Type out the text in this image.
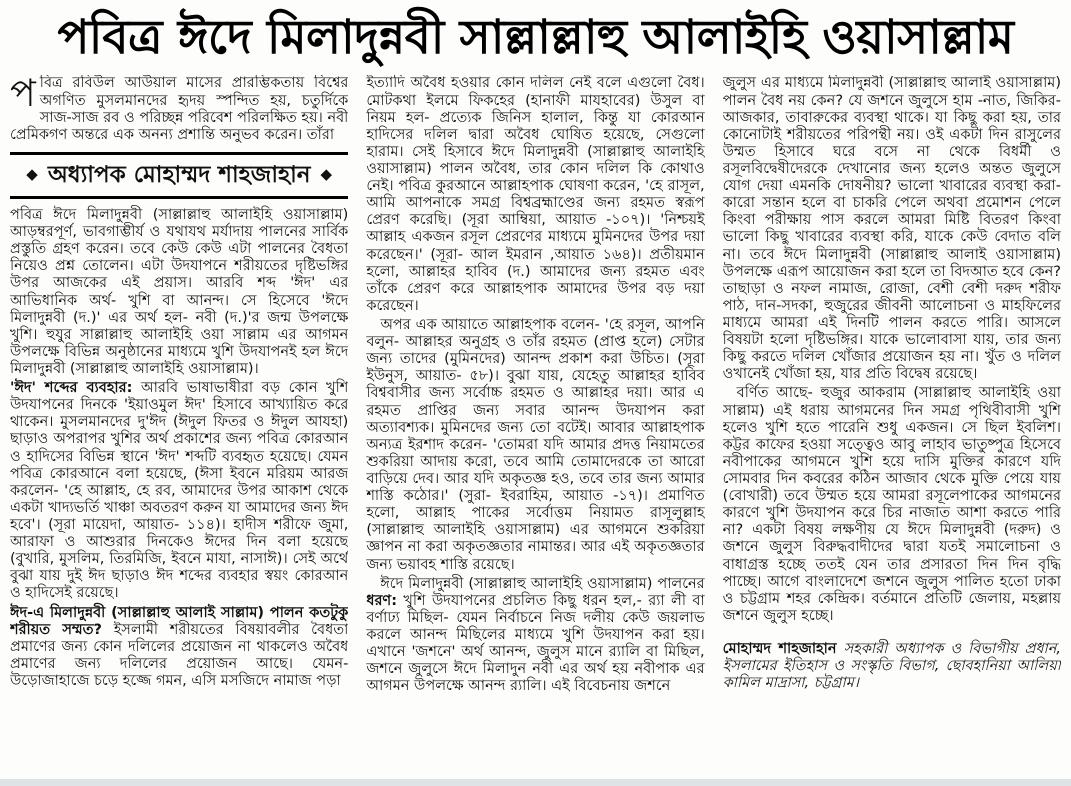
পবিত্র ঈদে মিলাদুন্নবী সাল্লাল্লাহু আলাইহি ওয়াসাল্লাম

পবিত্র রবিউল আউয়াল মাসের প্রারম্ভিকতায় বিশ্বের অগণিত মুসলমানদের হৃদয় স্পন্দিত হয়, চতুর্দিকে সাজ-সাজ রব ও পরিচ্ছন্ন পরিবেশ পরিলক্ষিত হয়। নবী প্রেমিকগণ অন্তরে এক অনন্য প্রশান্তি অনুভব করেন। তাঁরা

◆ অধ্যাপক মোহাম্মদ শাহজাহান ◆

পবিত্র ঈদে মিলাদুন্নবী (সাল্লাল্লাহু আলাইহি ওয়াসাল্লাম) আড়ম্বরপূর্ণ, ভাবগাম্ভীর্য ও যথাযথ মর্যাদায় পালনের সার্বিক প্রস্তুতি গ্রহণ করেন। তবে কেউ কেউ এটা পালনের বৈধতা নিয়েও প্রশ্ন তোলেন। এটা উদযাপনে শরীয়তের দৃষ্টিভঙ্গির উপর আজকের এই প্রয়াস। আরবি শব্দ 'ঈদ' এর আভিধানিক অর্থ- খুশি বা আনন্দ। সে হিসেবে 'ঈদে মিলাদুন্নবী (দ.)' এর অর্থ হল- নবী (দ.)'র জন্ম উপলক্ষে খুশি। হুযুর সাল্লাল্লাহু আলাইহি ওয়া সাল্লাম এর আগমন উপলক্ষে বিভিন্ন অনুষ্ঠানের মাধ্যমে খুশি উদযাপনই হল ঈদে মিলাদুন্নবী (সাল্লাল্লাহু আলাইহি ওয়াসাল্লাম)।

'ঈদ' শব্দের ব্যবহার: আরবি ভাষাভাষীরা বড় কোন খুশি উদযাপনের দিনকে 'ইয়াওমুল ঈদ' হিসাবে আখ্যায়িত করে থাকেন। মুসলমানদের দু'ঈদ (ঈদুল ফিতর ও ঈদুল আযহা) ছাড়াও অপরাপর খুশির অর্থ প্রকাশের জন্য পবিত্র কোরআন ও হাদিসের বিভিন্ন স্থানে 'ঈদ' শব্দটি ব্যবহৃত হয়েছে। যেমন পবিত্র কোরআনে বলা হয়েছে, (ঈসা ইবনে মরিয়ম আরজ করলেন- 'হে আল্লাহ, হে রব, আমাদের উপর আকাশ থেকে একটা খাদ্যভর্তি খাঞ্চা অবতরণ করুন যা আমাদের জন্য ঈদ হবে'। (সূরা মায়েদা, আয়াত- ১১৪)। হাদীস শরীফে জুমা, আরাফা ও আশুরার দিনকেও ঈদের দিন বলা হয়েছে (বুখারি, মুসলিম, তিরমিজি, ইবনে মাযা, নাসাঈ)। সেই অর্থে বুঝা যায় দুই ঈদ ছাড়াও ঈদ শব্দের ব্যবহার স্বয়ং কোরআন ও হাদিসেই রয়েছে।

ঈদ-এ মিলাদুন্নবী (সাল্লাল্লাহু আলাই সাল্লাম) পালন কতটুকু শরীয়ত সম্মত? ইসলামী শরীয়তের বিষয়াবলীর বৈধতা প্রমাণের জন্য কোন দলিলের প্রয়োজন না থাকলেও অবৈধ প্রমাণের জন্য দলিলের প্রয়োজন আছে। যেমন- উড়োজাহাজে চড়ে হজ্জে গমন, এসি মসজিদে নামাজ পড়া

ইত্যাদি অবৈধ হওয়ার কোন দলিল নেই বলে এগুলো বৈধ। মোটকথা ইলমে ফিকহের (হানাফী মাযহাবের) উসুল বা নিয়ম হল- প্রত্যেক জিনিস হালাল, কিন্তু যা কোরআন হাদিসের দলিল দ্বারা অবৈধ ঘোষিত হয়েছে, সেগুলো হারাম। সেই হিসাবে ঈদে মিলাদুন্নবী (সাল্লাল্লাহু আলাইহি ওয়াসাল্লাম) পালন অবৈধ, তার কোন দলিল কি কোথাও নেই। পবিত্র কুরআনে আল্লাহপাক ঘোষণা করেন, 'হে রাসূল, আমি আপনাকে সমগ্র বিশ্বব্রহ্মাণ্ডের জন্য রহমত স্বরূপ প্রেরণ করেছি। (সূরা আম্বিয়া, আয়াত -১০৭)। 'নিশ্চয়ই আল্লাহ একজন রসূল প্রেরণের মাধ্যমে মুমিনদের উপর দয়া করেছেন।' (সূরা- আল ইমরান ,আয়াত ১৬৪)। প্রতীয়মান হলো, আল্লাহর হাবিব (দ.) আমাদের জন্য রহমত এবং তাঁকে প্রেরণ করে আল্লাহপাক আমাদের উপর বড় দয়া করেছেন।

অপর এক আয়াতে আল্লাহপাক বলেন- 'হে রসূল, আপনি বলুন- আল্লাহর অনুগ্রহ ও তাঁর রহমত (প্রাপ্ত হলে) সেটার জন্য তাদের (মুমিনদের) আনন্দ প্রকাশ করা উচিত। (সূরা ইউনুস, আয়াত- ৫৮)। বুঝা যায়, যেহেতু আল্লাহর হাবিব বিশ্ববাসীর জন্য সর্বোচ্চ রহমত ও আল্লাহর দয়া। আর এ রহমত প্রাপ্তির জন্য সবার আনন্দ উদযাপন করা অত্যাবশ্যক। মুমিনদের জন্য তো বটেই। আবার আল্লাহপাক অন্যত্র ইরশাদ করেন- 'তোমরা যদি আমার প্রদত্ত নিয়ামতের শুকরিয়া আদায় করো, তবে আমি তোমাদেরকে তা আরো বাড়িয়ে দেব। আর যদি অকৃতজ্ঞ হও, তবে তার জন্য আমার শাস্তি কঠোর।' (সুরা- ইবরাহিম, আয়াত -১৭)। প্রমাণিত হলো, আল্লাহ পাকের সর্বোত্তম নিয়ামত রাসূলুল্লাহ (সাল্লাল্লাহু আলাইহি ওয়াসাল্লাম) এর আগমনে শুকরিয়া জ্ঞাপন না করা অকৃতজ্ঞতার নামান্তর। আর এই অকৃতজ্ঞতার জন্য ভয়াবহ শাস্তি রয়েছে।

ঈদে মিলাদুন্নবী (সাল্লাল্লাহু আলাইহি ওয়াসাল্লাম) পালনের ধরণ: খুশি উদযাপনের প্রচলিত কিছু ধরন হল,- র‍্যা লী বা বর্ণাঢ্য মিছিল- যেমন নির্বাচনে নিজ দলীয় কেউ জয়লাভ করলে আনন্দ মিছিলের মাধ্যমে খুশি উদযাপন করা হয়। এখানে 'জশনে' অর্থ আনন্দ, জুলুস মানে র‍্যালি বা মিছিল, জশনে জুলুসে ঈদে মিলাদুন নবী এর অর্থ হয় নবীপাক এর আগমন উপলক্ষে আনন্দ র‍্যালি। এই বিবেচনায় জশনে

জুলুস এর মাধ্যমে মিলাদুন্নবী (সাল্লাল্লাহু আলাই ওয়াসাল্লাম) পালন বৈধ নয় কেন? যে জশনে জুলুসে হাম -নাত, জিকির-আজকার, তাবারুকের ব্যবস্থা থাকে। যা কিছু করা হয়, তার কোনোটাই শরীয়তের পরিপন্থী নয়। ওই একটা দিন রাসুলের উম্মত হিসাবে ঘরে বসে না থেকে বিধর্মী ও রসূলবিদ্বেষীদেরকে দেখানোর জন্য হলেও অন্তত জুলুসে যোগ দেয়া এমনকি দোষনীয়? ভালো খাবারের ব্যবস্থা করা- কারো সন্তান হলে বা চাকরি পেলে অথবা প্রমোশন পেলে কিংবা পরীক্ষায় পাস করলে আমরা মিষ্টি বিতরণ কিংবা ভালো কিছু খাবারের ব্যবস্থা করি, যাকে কেউ বেদাত বলি না। তবে ঈদে মিলাদুন্নবী (সাল্লাল্লাহু আলাই ওয়াসাল্লাম) উপলক্ষে এরূপ আয়োজন করা হলে তা বিদআত হবে কেন? তাছাড়া ও নফল নামাজ, রোজা, বেশী বেশী দরুদ শরীফ পাঠ, দান-সদকা, হুজুরের জীবনী আলোচনা ও মাহফিলের মাধ্যমে আমরা এই দিনটি পালন করতে পারি। আসলে বিষয়টা হলো দৃষ্টিভঙ্গির। যাকে ভালোবাসা যায়, তার জন্য কিছু করতে দলিল খোঁজার প্রয়োজন হয় না। খুঁত ও দলিল ওখানেই খোঁজা হয়, যার প্রতি বিদ্বেষ রয়েছে।

বর্ণিত আছে- হুজুর আকরাম (সাল্লাল্লাহু আলাইহি ওয়া সাল্লাম) এই ধরায় আগমনের দিন সমগ্র পৃথিবীবাসী খুশি হলেও খুশি হতে পারেনি শুধু একজন। সে ছিল ইবলিশ। কট্টর কাফের হওয়া সত্ত্বেও আবু লাহাব ভাতুষ্পুত্র হিসেবে নবীপাকের আগমনে খুশি হয়ে দাসি মুক্তির কারণে যদি সোমবার দিন কবরের কঠিন আজাব থেকে মুক্তি পেয়ে যায় (বোখারী) তবে উম্মত হয়ে আমরা রসূলেপাকের আগমনের কারণে খুশি উদযাপন করে চির নাজাত আশা করতে পারি না? একটা বিষয় লক্ষণীয় যে ঈদে মিলাদুন্নবী (দরুদ) ও জশনে জুলুস বিরুদ্ধবাদীদের দ্বারা যতই সমালোচনা ও বাধাগ্রস্ত হচ্ছে ততই যেন তার প্রসারতা দিন দিন বৃদ্ধি পাচ্ছে। আগে বাংলাদেশে জশনে জুলুস পালিত হতো ঢাকা ও চট্টগ্রাম শহর কেন্দ্রিক। বর্তমানে প্রতিটি জেলায়, মহল্লায় জশনে জুলুস হচ্ছে।

মোহাম্মদ শাহজাহান সহকারী অধ্যাপক ও বিভাগীয় প্রধান, ইসলামের ইতিহাস ও সংস্কৃতি বিভাগ, ছোবহানিয়া আলিয়া কামিল মাদ্রাসা, চট্টগ্রাম।
